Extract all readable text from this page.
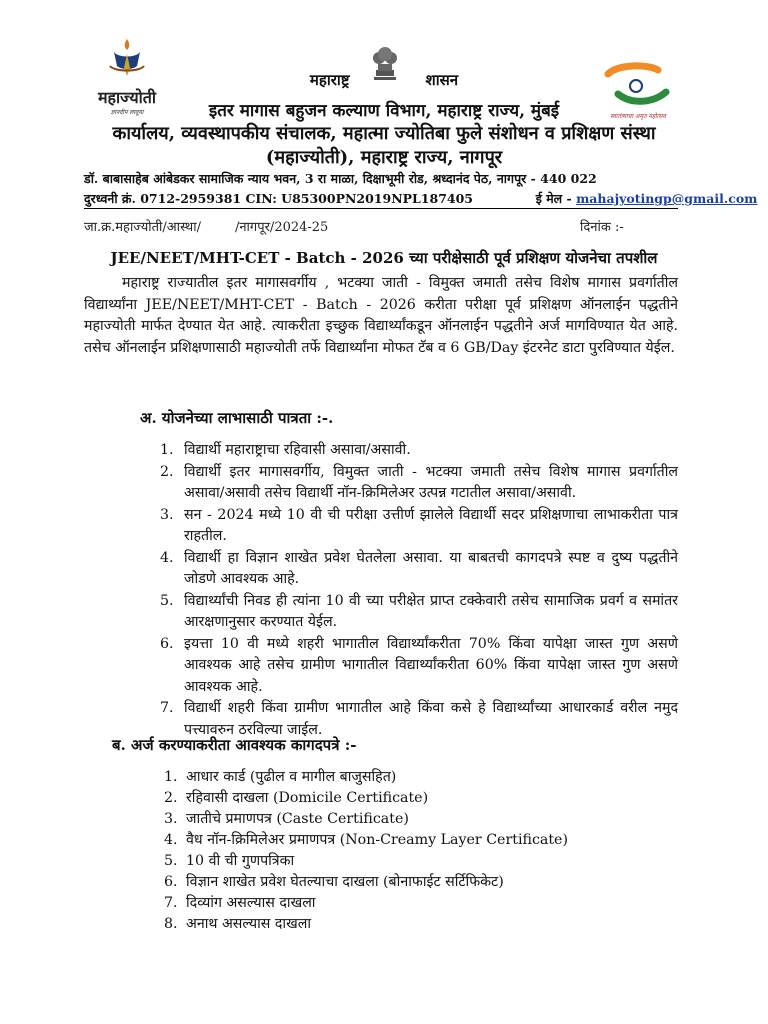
महाज्योती
ज्ञानदीप लावूया
स्वातंत्र्याचा अमृत महोत्सव
महाराष्ट्र	शासन
इतर मागास बहुजन कल्याण विभाग, महाराष्ट्र राज्य, मुंबई
कार्यालय, व्यवस्थापकीय संचालक, महात्मा ज्योतिबा फुले संशोधन व प्रशिक्षण संस्था
(महाज्योती), महाराष्ट्र राज्य, नागपूर
डॉ. बाबासाहेब आंबेडकर सामाजिक न्याय भवन, 3 रा माळा, दिक्षाभूमी रोड, श्रध्दानंद पेठ, नागपूर - 440 022
दुरध्वनी क्रं. 0712-2959381 CIN: U85300PN2019NPL187405	ई मेल - mahajyotingp@gmail.com
जा.क्र.महाज्योती/आस्था/	/नागपूर/2024-25	दिनांक :-
JEE/NEET/MHT-CET - Batch - 2026 च्या परीक्षेसाठी पूर्व प्रशिक्षण योजनेचा तपशील
महाराष्ट्र राज्यातील इतर मागासवर्गीय , भटक्या जाती - विमुक्त जमाती तसेच विशेष मागास प्रवर्गातील विद्यार्थ्यांना JEE/NEET/MHT-CET - Batch - 2026 करीता परीक्षा पूर्व प्रशिक्षण ऑनलाईन पद्धतीने महाज्योती मार्फत देण्यात येत आहे. त्याकरीता इच्छुक विद्यार्थ्यांकडून ऑनलाईन पद्धतीने अर्ज मागविण्यात येत आहे. तसेच ऑनलाईन प्रशिक्षणासाठी महाज्योती तर्फे विद्यार्थ्यांना मोफत टॅब व 6 GB/Day इंटरनेट डाटा पुरविण्यात येईल.
अ. योजनेच्या लाभासाठी पात्रता :-.
1. विद्यार्थी महाराष्ट्राचा रहिवासी असावा/असावी.
2. विद्यार्थी इतर मागासवर्गीय, विमुक्त जाती - भटक्या जमाती तसेच विशेष मागास प्रवर्गातील असावा/असावी तसेच विद्यार्थी नॉन-क्रिमिलेअर उत्पन्न गटातील असावा/असावी.
3. सन - 2024 मध्ये 10 वी ची परीक्षा उत्तीर्ण झालेले विद्यार्थी सदर प्रशिक्षणाचा लाभाकरीता पात्र राहतील.
4. विद्यार्थी हा विज्ञान शाखेत प्रवेश घेतलेला असावा. या बाबतची कागदपत्रे स्पष्ट व दुष्य पद्धतीने जोडणे आवश्यक आहे.
5. विद्यार्थ्यांची निवड ही त्यांना 10 वी च्या परीक्षेत प्राप्त टक्केवारी तसेच सामाजिक प्रवर्ग व समांतर आरक्षणानुसार करण्यात येईल.
6. इयत्ता 10 वी मध्ये शहरी भागातील विद्यार्थ्यांकरीता 70% किंवा यापेक्षा जास्त गुण असणे आवश्यक आहे तसेच ग्रामीण भागातील विद्यार्थ्यांकरीता 60% किंवा यापेक्षा जास्त गुण असणे आवश्यक आहे.
7. विद्यार्थी शहरी किंवा ग्रामीण भागातील आहे किंवा कसे हे विद्यार्थ्यांच्या आधारकार्ड वरील नमुद पत्त्यावरुन ठरविल्या जाईल.
ब. अर्ज करण्याकरीता आवश्यक कागदपत्रे :-
1. आधार कार्ड (पुढील व मागील बाजुसहित)
2. रहिवासी दाखला (Domicile Certificate)
3. जातीचे प्रमाणपत्र (Caste Certificate)
4. वैध नॉन-क्रिमिलेअर प्रमाणपत्र (Non-Creamy Layer Certificate)
5. 10 वी ची गुणपत्रिका
6. विज्ञान शाखेत प्रवेश घेतल्याचा दाखला (बोनाफाईट सर्टिफिकेट)
7. दिव्यांग असल्यास दाखला
8. अनाथ असल्यास दाखला
